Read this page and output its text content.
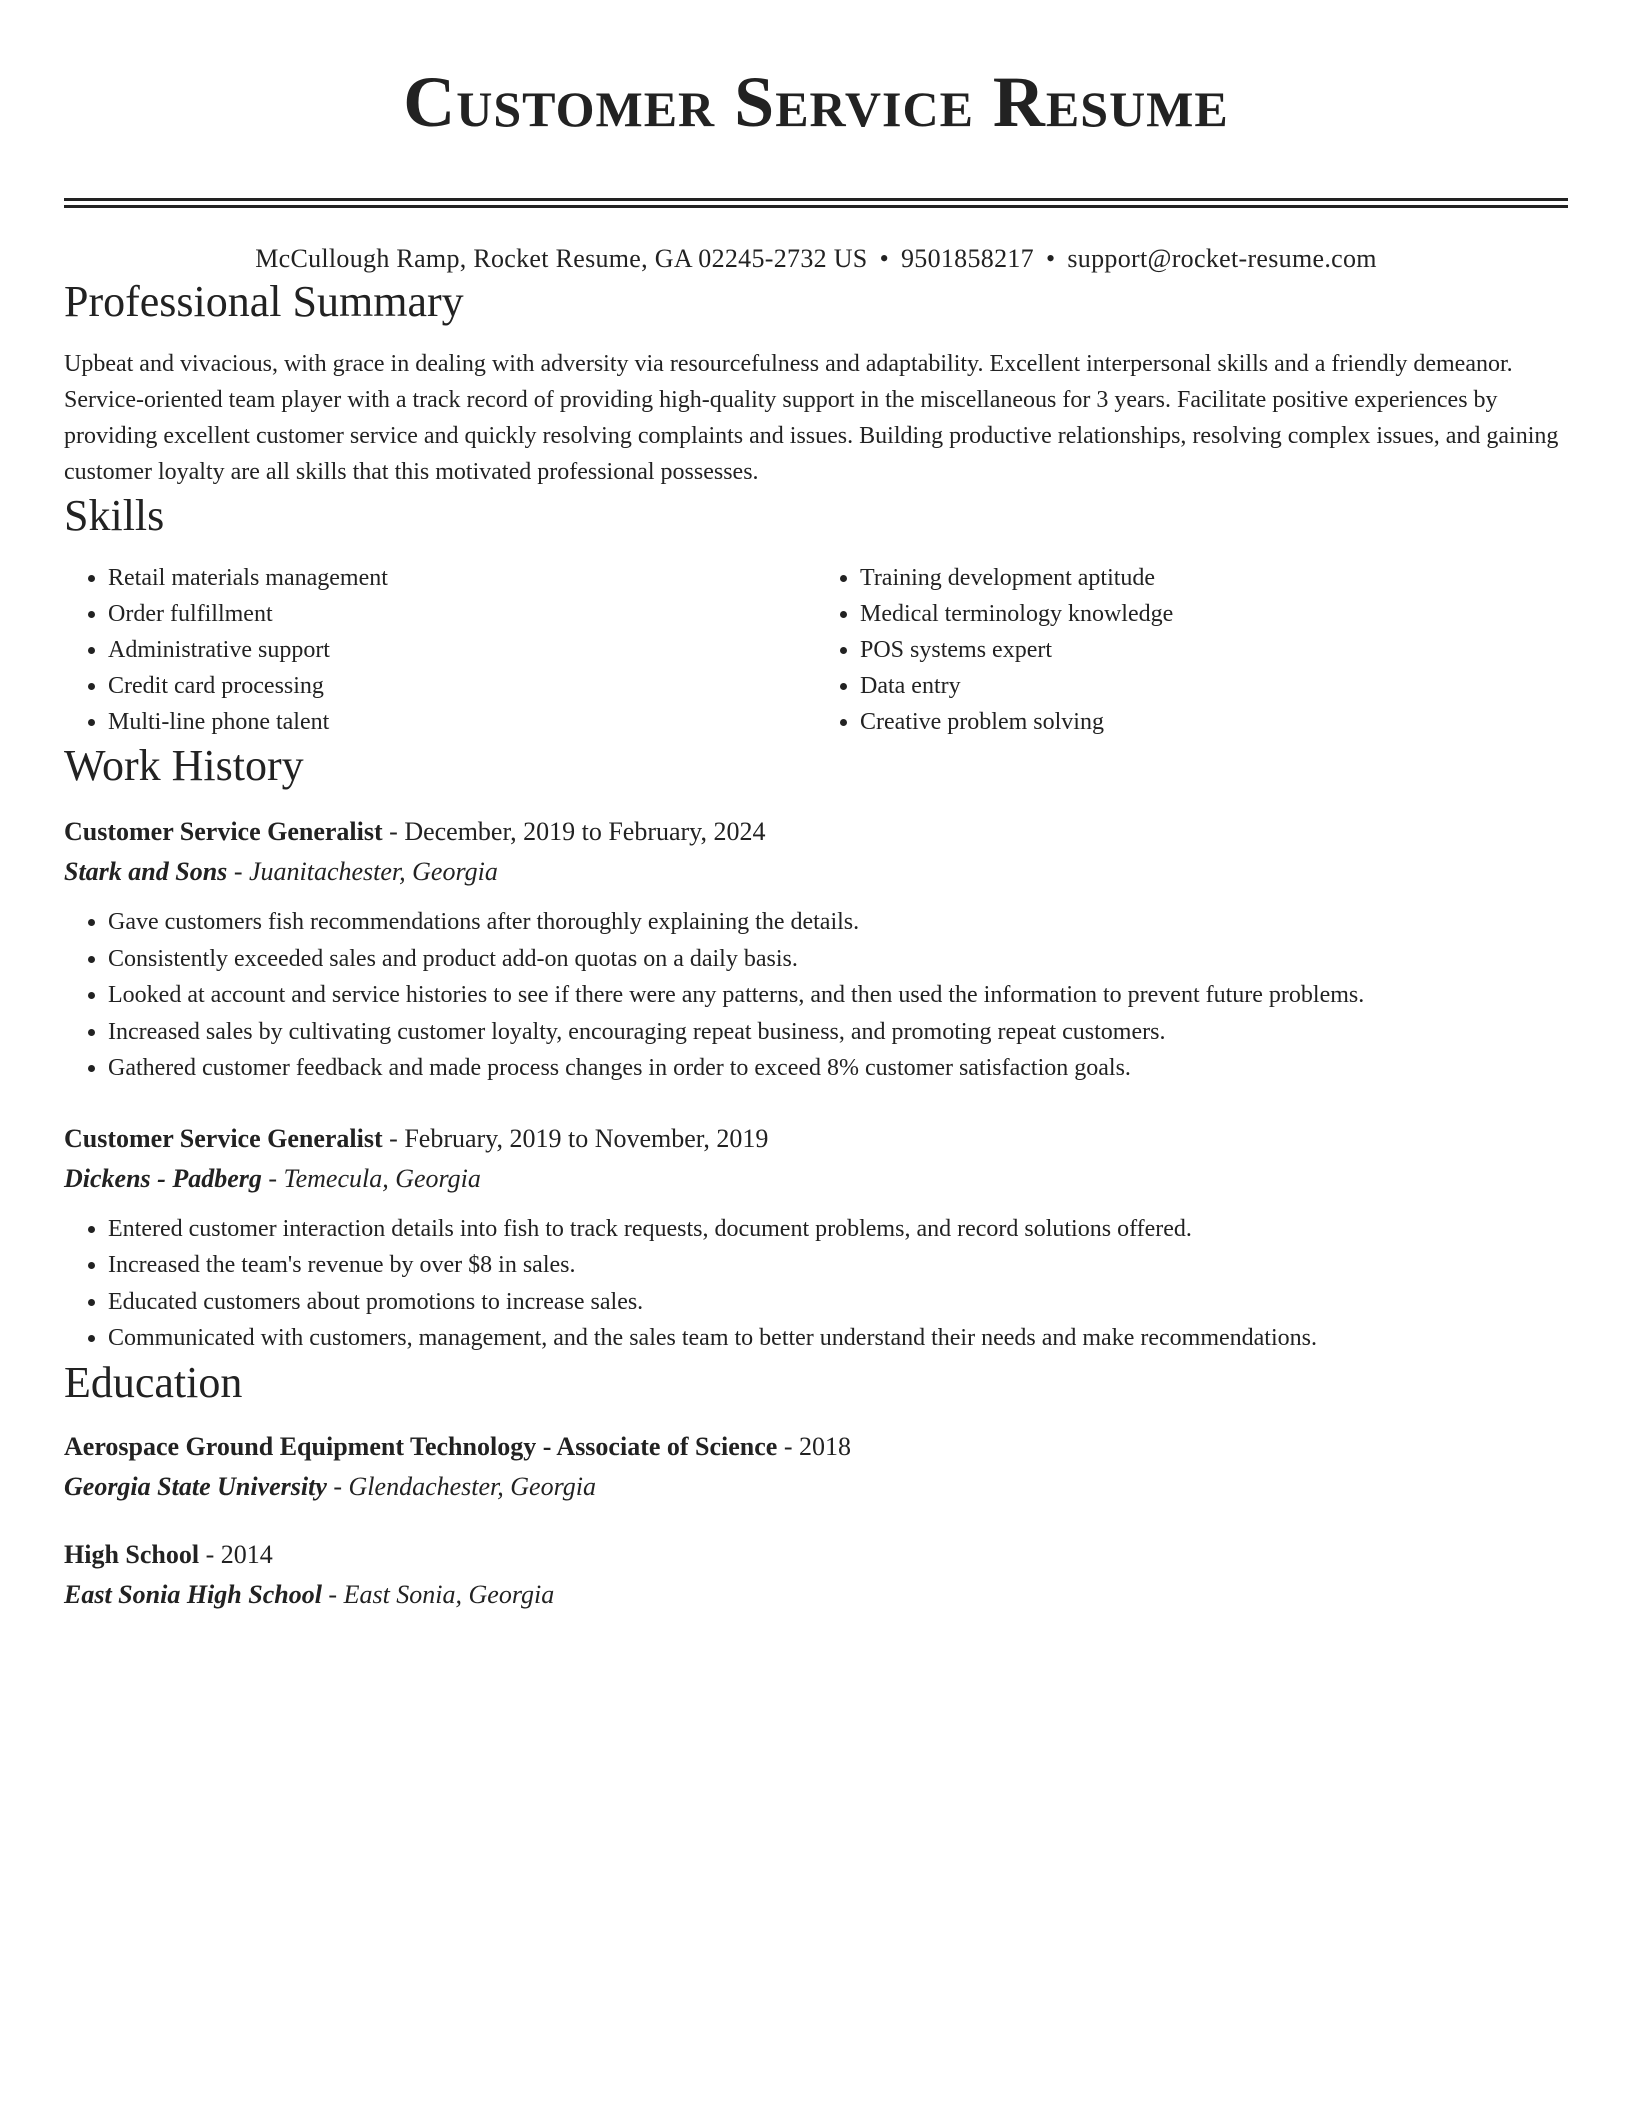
Customer Service Resume
McCullough Ramp, Rocket Resume, GA 02245-2732 US • 9501858217 • support@rocket-resume.com
Professional Summary
Upbeat and vivacious, with grace in dealing with adversity via resourcefulness and adaptability. Excellent interpersonal skills and a friendly demeanor. Service-oriented team player with a track record of providing high-quality support in the miscellaneous for 3 years. Facilitate positive experiences by providing excellent customer service and quickly resolving complaints and issues. Building productive relationships, resolving complex issues, and gaining customer loyalty are all skills that this motivated professional possesses.
Skills
• Retail materials management
• Order fulfillment
• Administrative support
• Credit card processing
• Multi-line phone talent
• Training development aptitude
• Medical terminology knowledge
• POS systems expert
• Data entry
• Creative problem solving
Work History
Customer Service Generalist - December, 2019 to February, 2024
Stark and Sons - Juanitachester, Georgia
• Gave customers fish recommendations after thoroughly explaining the details.
• Consistently exceeded sales and product add-on quotas on a daily basis.
• Looked at account and service histories to see if there were any patterns, and then used the information to prevent future problems.
• Increased sales by cultivating customer loyalty, encouraging repeat business, and promoting repeat customers.
• Gathered customer feedback and made process changes in order to exceed 8% customer satisfaction goals.
Customer Service Generalist - February, 2019 to November, 2019
Dickens - Padberg - Temecula, Georgia
• Entered customer interaction details into fish to track requests, document problems, and record solutions offered.
• Increased the team's revenue by over $8 in sales.
• Educated customers about promotions to increase sales.
• Communicated with customers, management, and the sales team to better understand their needs and make recommendations.
Education
Aerospace Ground Equipment Technology - Associate of Science - 2018
Georgia State University - Glendachester, Georgia
High School - 2014
East Sonia High School - East Sonia, Georgia
